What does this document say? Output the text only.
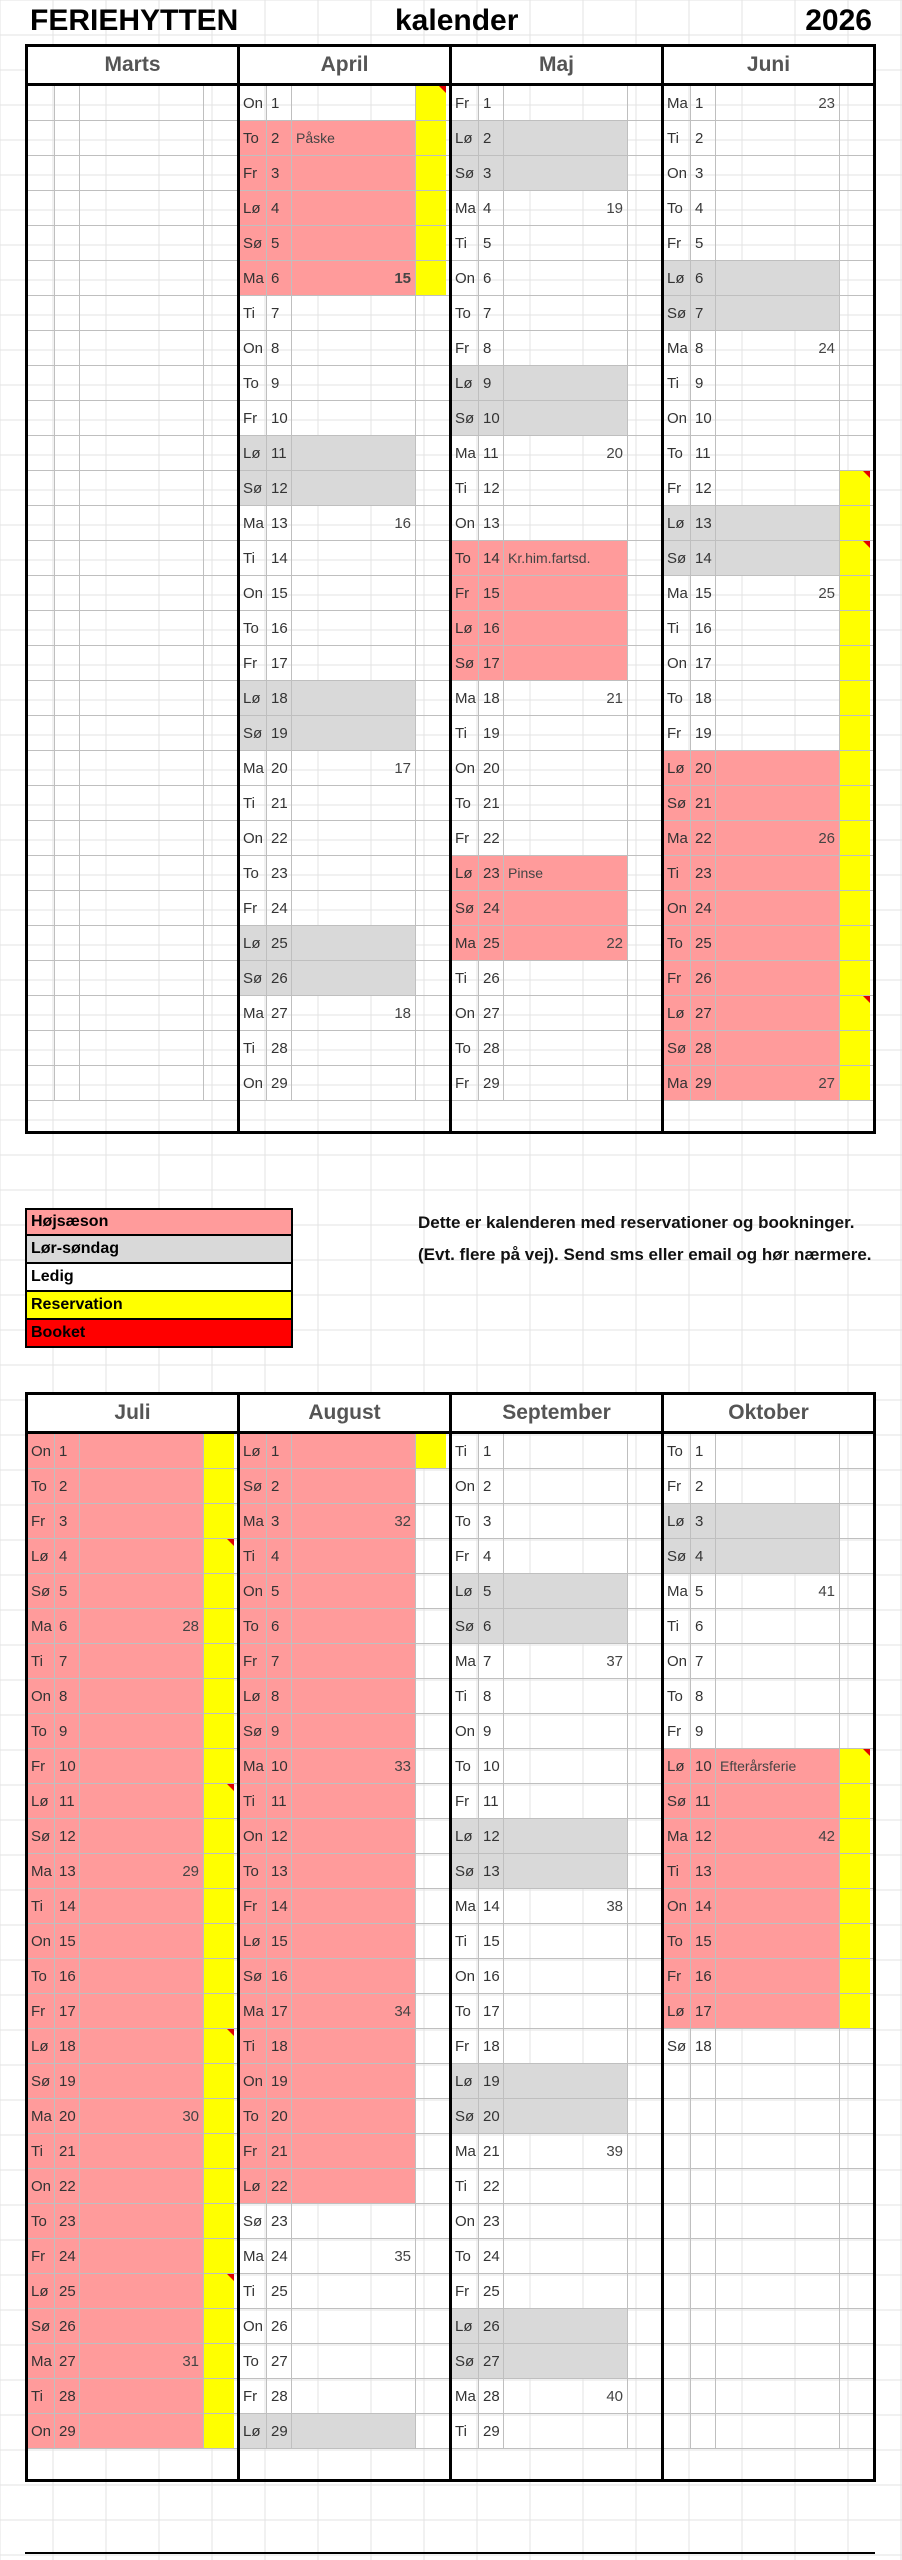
FERIEHYTTEN	kalender	2026
Marts	April
On 1
To 2	Påske
Fr 3
Lø 4
Sø 5
Ma 6	15
Ti	7
On 8
To 9
Fr 10
Lø 11
Sø 12
Ma 13	16
Ti	14
On 15
To 16
Fr 17
Lø 18
Sø 19
Ma 20	17
Ti	21
On 22
To 23
Fr 24
Lø 25
Sø 26
Ma 27	18
Ti	28
On 29
Maj
Fr 1
Lø 2
Sø 3
Ma 4	19
Ti	5
On 6
To 7
Fr 8
Lø 9
Sø 10
Ma 11	20
Ti	12
On 13
To 14 Kr.him.fartsd.
Fr 15
Lø 16
Sø 17
Ma 18	21
Ti	19
On 20
To 21
Fr 22
Lø 23 Pinse
Sø 24
Ma 25	22
Ti	26
On 27
To 28
Fr 29
Juni
Ma 1	23
Ti	2
On 3
To 4
Fr 5
Lø 6
Sø 7
Ma 8	24
Ti	9
On 10
To 11
Fr 12
Lø 13
Sø 14
Ma 15	25
Ti	16
On 17
To 18
Fr 19
Lø 20
Sø 21
Ma 22	26
Ti	23
On 24
To 25
Fr 26
Lø 27
Sø 28
Ma 29	27
Juli
On 1
To 2
Fr 3
Lø 4
Sø 5
Ma 6	28
Ti	7
On 8
To 9
Fr 10
Lø 11
Sø 12
Ma 13	29
Ti	14
On 15
To 16
Fr 17
Lø 18
Sø 19
Ma 20	30
Ti	21
On 22
To 23
Fr 24
Lø 25
Sø 26
Ma 27	31
Ti	28
On 29
August
Lø 1
Sø 2
Ma 3	32
Ti	4
On 5
To 6
Fr 7
Lø 8
Sø 9
Ma 10	33
Ti	11
On 12
To 13
Fr 14
Lø 15
Sø 16
Ma 17	34
Ti	18
On 19
To 20
Fr 21
Lø 22
Sø 23
Ma 24	35
Ti	25
On 26
To 27
Fr 28
Lø 29
September
Ti	1
On 2
To 3
Fr 4
Lø 5
Sø 6
Ma 7	37
Ti	8
On 9
To 10
Fr 11
Lø 12
Sø 13
Ma 14	38
Ti	15
On 16
To 17
Fr 18
Lø 19
Sø 20
Ma 21	39
Ti	22
On 23
To 24
Fr 25
Lø 26
Sø 27
Ma 28	40
Ti	29
Oktober
To 1
Fr 2
Lø 3
Sø 4
Ma 5	41
Ti	6
On 7
To 8
Fr 9
Lø 10 Efterårsferie
Sø 11
Ma 12	42
Ti	13
On 14
To 15
Fr 16
Lø 17
Sø 18
Højsæson
Lør-søndag
Ledig
Reservation
Booket
Dette er kalenderen med reservationer og bookninger. (Evt. flere på vej). Send sms eller email og hør nærmere.
